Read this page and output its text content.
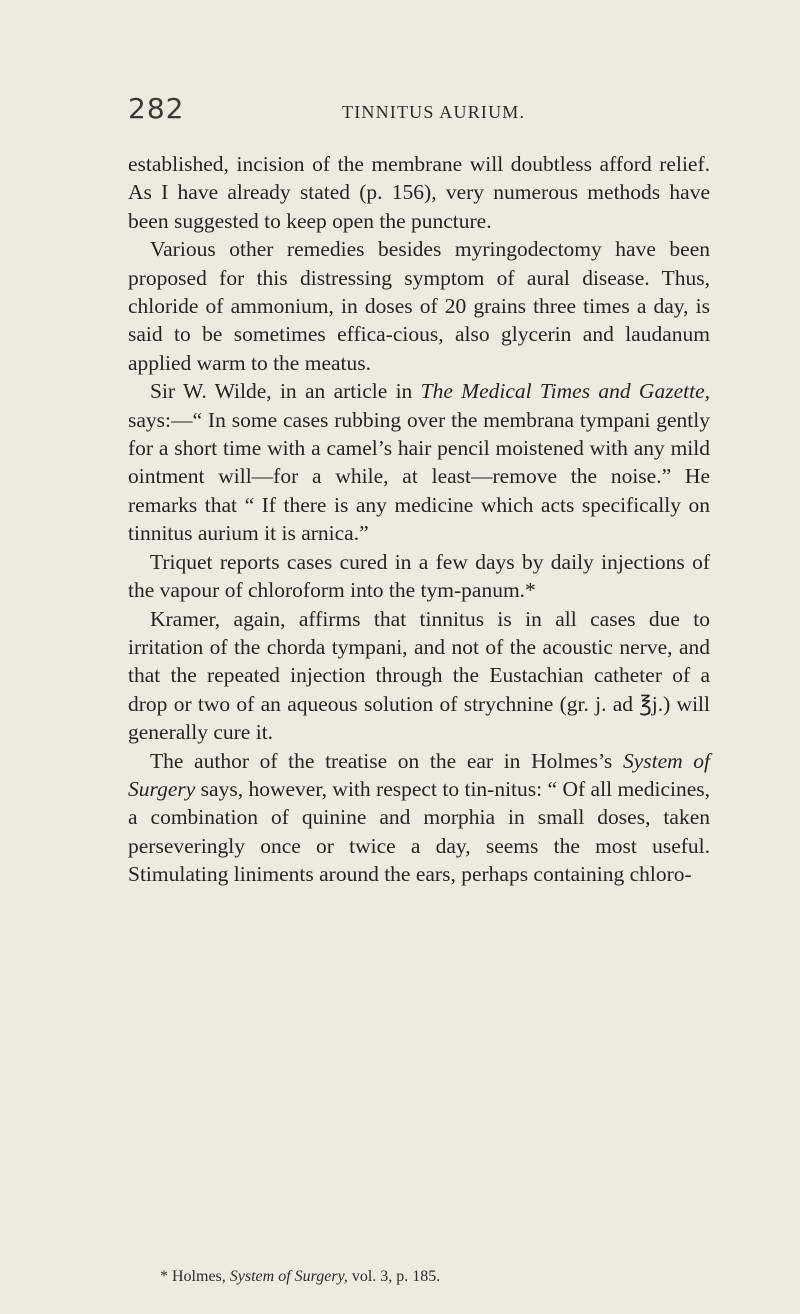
282	TINNITUS AURIUM.

established, incision of the membrane will doubtless afford relief. As I have already stated (p. 156), very numerous methods have been suggested to keep open the puncture.

Various other remedies besides myringodectomy have been proposed for this distressing symptom of aural disease. Thus, chloride of ammonium, in doses of 20 grains three times a day, is said to be sometimes effica-cious, also glycerin and laudanum applied warm to the meatus.

Sir W. Wilde, in an article in The Medical Times and Gazette, says:—“ In some cases rubbing over the membrana tympani gently for a short time with a camel’s hair pencil moistened with any mild ointment will—for a while, at least—remove the noise.” He remarks that “ If there is any medicine which acts specifically on tinnitus aurium it is arnica.”

Triquet reports cases cured in a few days by daily injections of the vapour of chloroform into the tym-panum.*

Kramer, again, affirms that tinnitus is in all cases due to irritation of the chorda tympani, and not of the acoustic nerve, and that the repeated injection through the Eustachian catheter of a drop or two of an aqueous solution of strychnine (gr. j. ad ℥j.) will generally cure it.

The author of the treatise on the ear in Holmes’s System of Surgery says, however, with respect to tin-nitus: “ Of all medicines, a combination of quinine and morphia in small doses, taken perseveringly once or twice a day, seems the most useful. Stimulating liniments around the ears, perhaps containing chloro-

* Holmes, System of Surgery, vol. 3, p. 185.
